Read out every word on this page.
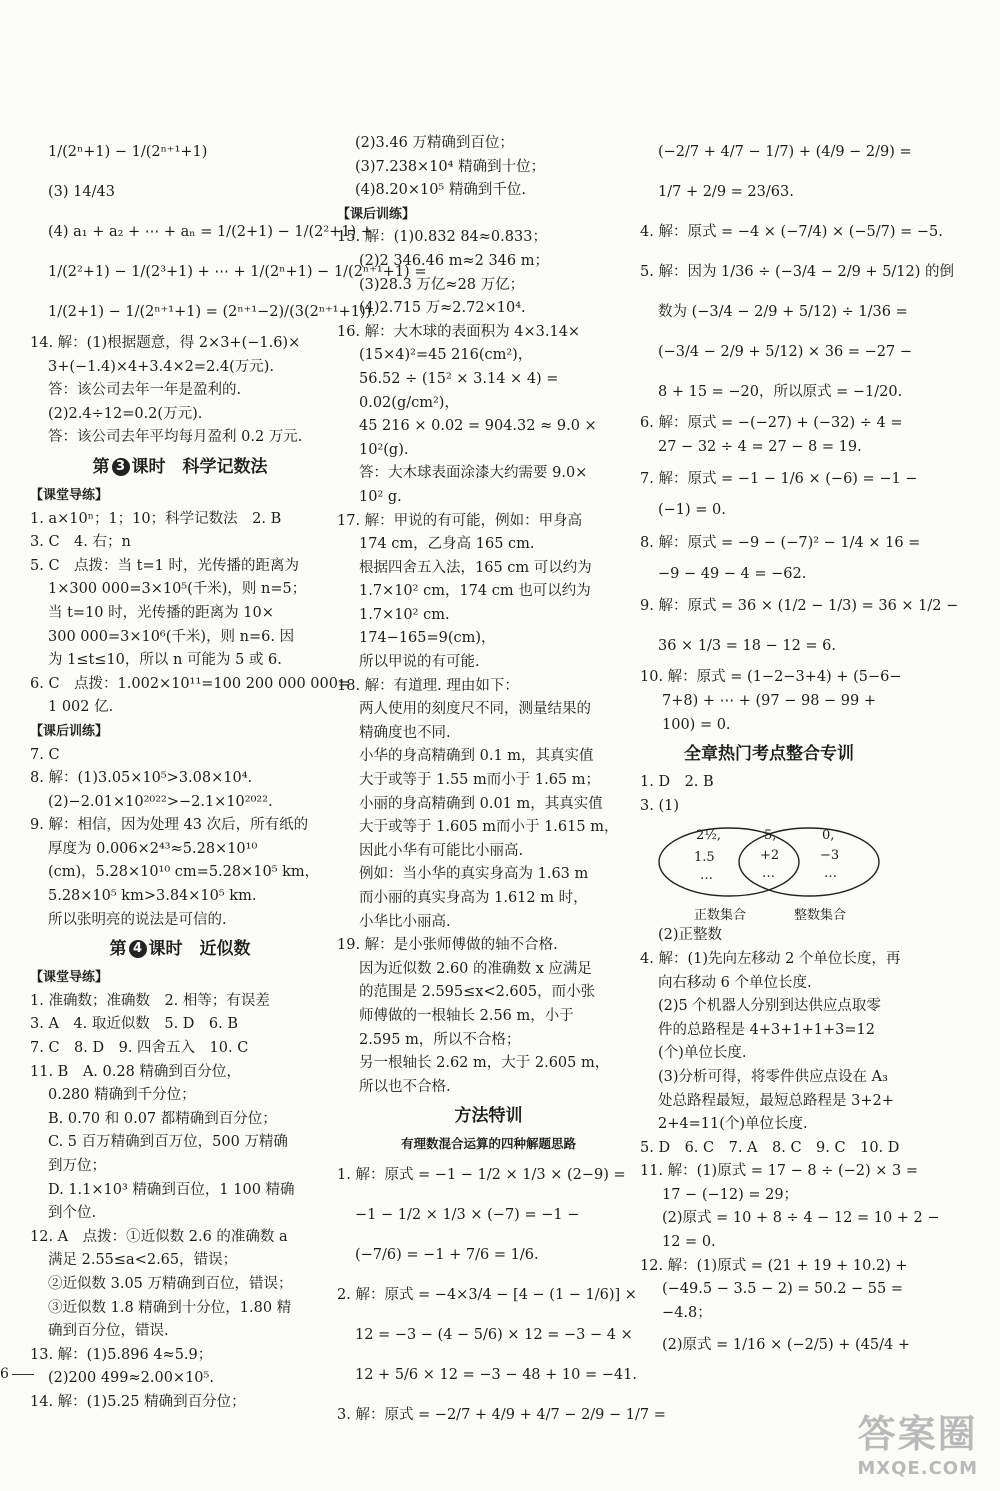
1/(2ⁿ+1) − 1/(2ⁿ⁺¹+1)
(3) 14/43
(4) a₁ + a₂ + ⋯ + aₙ = 1/(2+1) − 1/(2²+1) +
1/(2²+1) − 1/(2³+1) + ⋯ + 1/(2ⁿ+1) − 1/(2ⁿ⁺¹+1) =
1/(2+1) − 1/(2ⁿ⁺¹+1) = (2ⁿ⁺¹−2)/(3(2ⁿ⁺¹+1)).
14. 解：(1)根据题意，得 2×3+(−1.6)×
3+(−1.4)×4+3.4×2=2.4(万元).
答：该公司去年一年是盈利的.
(2)2.4÷12=0.2(万元).
答：该公司去年平均每月盈利 0.2 万元.
第 3 课时　科学记数法
【课堂导练】
1. a×10ⁿ；1；10；科学记数法　2. B
3. C　4. 右；n
5. C　点拨：当 t=1 时，光传播的距离为
1×300 000=3×10⁵(千米)，则 n=5；
当 t=10 时，光传播的距离为 10×
300 000=3×10⁶(千米)，则 n=6. 因
为 1≤t≤10，所以 n 可能为 5 或 6.
6. C　点拨：1.002×10¹¹=100 200 000 000=
1 002 亿.
【课后训练】
7. C
8. 解：(1)3.05×10⁵>3.08×10⁴.
(2)−2.01×10²⁰²²>−2.1×10²⁰²².
9. 解：相信，因为处理 43 次后，所有纸的
厚度为 0.006×2⁴³≈5.28×10¹⁰
(cm)，5.28×10¹⁰ cm=5.28×10⁵ km，
5.28×10⁵ km>3.84×10⁵ km.
所以张明亮的说法是可信的.
第 4 课时　近似数
【课堂导练】
1. 准确数；准确数　2. 相等；有误差
3. A　4. 取近似数　5. D　6. B
7. C　8. D　9. 四舍五入　10. C
11. B　A. 0.28 精确到百分位，
0.280 精确到千分位；
B. 0.70 和 0.07 都精确到百分位；
C. 5 百万精确到百万位，500 万精确
到万位；
D. 1.1×10³ 精确到百位，1 100 精确
到个位.
12. A　点拨：①近似数 2.6 的准确数 a
满足 2.55≤a<2.65，错误；
②近似数 3.05 万精确到百位，错误；
③近似数 1.8 精确到十分位，1.80 精
确到百分位，错误.
13. 解：(1)5.896 4≈5.9；
(2)200 499≈2.00×10⁵.
14. 解：(1)5.25 精确到百分位；
(2)3.46 万精确到百位；
(3)7.238×10⁴ 精确到十位；
(4)8.20×10⁵ 精确到千位.
【课后训练】
15. 解：(1)0.832 84≈0.833；
(2)2 346.46 m≈2 346 m；
(3)28.3 万亿≈28 万亿；
(4)2.715 万≈2.72×10⁴.
16. 解：大木球的表面积为 4×3.14×
(15×4)²=45 216(cm²)，
56.52 ÷ (15² × 3.14 × 4) =
0.02(g/cm²)，
45 216 × 0.02 = 904.32 ≈ 9.0 ×
10²(g).
答：大木球表面涂漆大约需要 9.0×
10² g.
17. 解：甲说的有可能，例如：甲身高
174 cm，乙身高 165 cm.
根据四舍五入法，165 cm 可以约为
1.7×10² cm，174 cm 也可以约为
1.7×10² cm.
174−165=9(cm)，
所以甲说的有可能.
18. 解：有道理. 理由如下：
两人使用的刻度尺不同，测量结果的
精确度也不同.
小华的身高精确到 0.1 m，其真实值
大于或等于 1.55 m而小于 1.65 m；
小丽的身高精确到 0.01 m，其真实值
大于或等于 1.605 m而小于 1.615 m，
因此小华有可能比小丽高.
例如：当小华的真实身高为 1.63 m
而小丽的真实身高为 1.612 m 时，
小华比小丽高.
19. 解：是小张师傅做的轴不合格.
因为近似数 2.60 的准确数 x 应满足
的范围是 2.595≤x<2.605，而小张
师傅做的一根轴长 2.56 m，小于
2.595 m，所以不合格；
另一根轴长 2.62 m，大于 2.605 m，
所以也不合格.
方法特训
有理数混合运算的四种解题思路
1. 解：原式 = −1 − 1/2 × 1/3 × (2−9) =
−1 − 1/2 × 1/3 × (−7) = −1 −
(−7/6) = −1 + 7/6 = 1/6.
2. 解：原式 = −4×3/4 − [4 − (1 − 1/6)] ×
12 = −3 − (4 − 5/6) × 12 = −3 − 4 ×
12 + 5/6 × 12 = −3 − 48 + 10 = −41.
3. 解：原式 = −2/7 + 4/9 + 4/7 − 2/9 − 1/7 =
(−2/7 + 4/7 − 1/7) + (4/9 − 2/9) =
1/7 + 2/9 = 23/63.
4. 解：原式 = −4 × (−7/4) × (−5/7) = −5.
5. 解：因为 1/36 ÷ (−3/4 − 2/9 + 5/12) 的倒
数为 (−3/4 − 2/9 + 5/12) ÷ 1/36 =
(−3/4 − 2/9 + 5/12) × 36 = −27 −
8 + 15 = −20，所以原式 = −1/20.
6. 解：原式 = −(−27) + (−32) ÷ 4 =
27 − 32 ÷ 4 = 27 − 8 = 19.
7. 解：原式 = −1 − 1/6 × (−6) = −1 −
(−1) = 0.
8. 解：原式 = −9 − (−7)² − 1/4 × 16 =
−9 − 49 − 4 = −62.
9. 解：原式 = 36 × (1/2 − 1/3) = 36 × 1/2 −
36 × 1/3 = 18 − 12 = 6.
10. 解：原式 = (1−2−3+4) + (5−6−
7+8) + ⋯ + (97 − 98 − 99 +
100) = 0.
全章热门考点整合专训
1. D　2. B
3. (1)
2½,
1.5
…
5,
+2
…
0,
−3
…
正数集合	整数集合
(2)正整数
4. 解：(1)先向左移动 2 个单位长度，再
向右移动 6 个单位长度.
(2)5 个机器人分别到达供应点取零
件的总路程是 4+3+1+1+3=12
(个)单位长度.
(3)分析可得，将零件供应点设在 A₃
处总路程最短，最短总路程是 3+2+
2+4=11(个)单位长度.
5. D　6. C　7. A　8. C　9. C　10. D
11. 解：(1)原式 = 17 − 8 ÷ (−2) × 3 =
17 − (−12) = 29；
(2)原式 = 10 + 8 ÷ 4 − 12 = 10 + 2 −
12 = 0.
12. 解：(1)原式 = (21 + 19 + 10.2) +
(−49.5 − 3.5 − 2) = 50.2 − 55 =
−4.8；
(2)原式 = 1/16 × (−2/5) + (45/4 +
6
答案圈
MXQE.COM
